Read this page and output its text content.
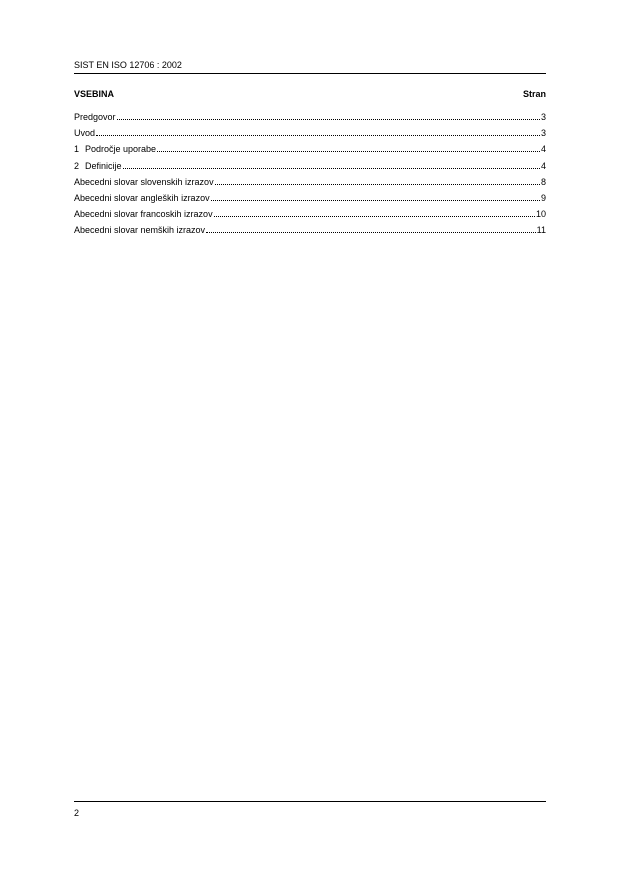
SIST EN ISO 12706 : 2002
VSEBINA	Stran
Predgovor	3
Uvod	3
1 Področje uporabe	4
2 Definicije	4
Abecedni slovar slovenskih izrazov	8
Abecedni slovar angleških izrazov	9
Abecedni slovar francoskih izrazov	10
Abecedni slovar nemških izrazov	11
2
